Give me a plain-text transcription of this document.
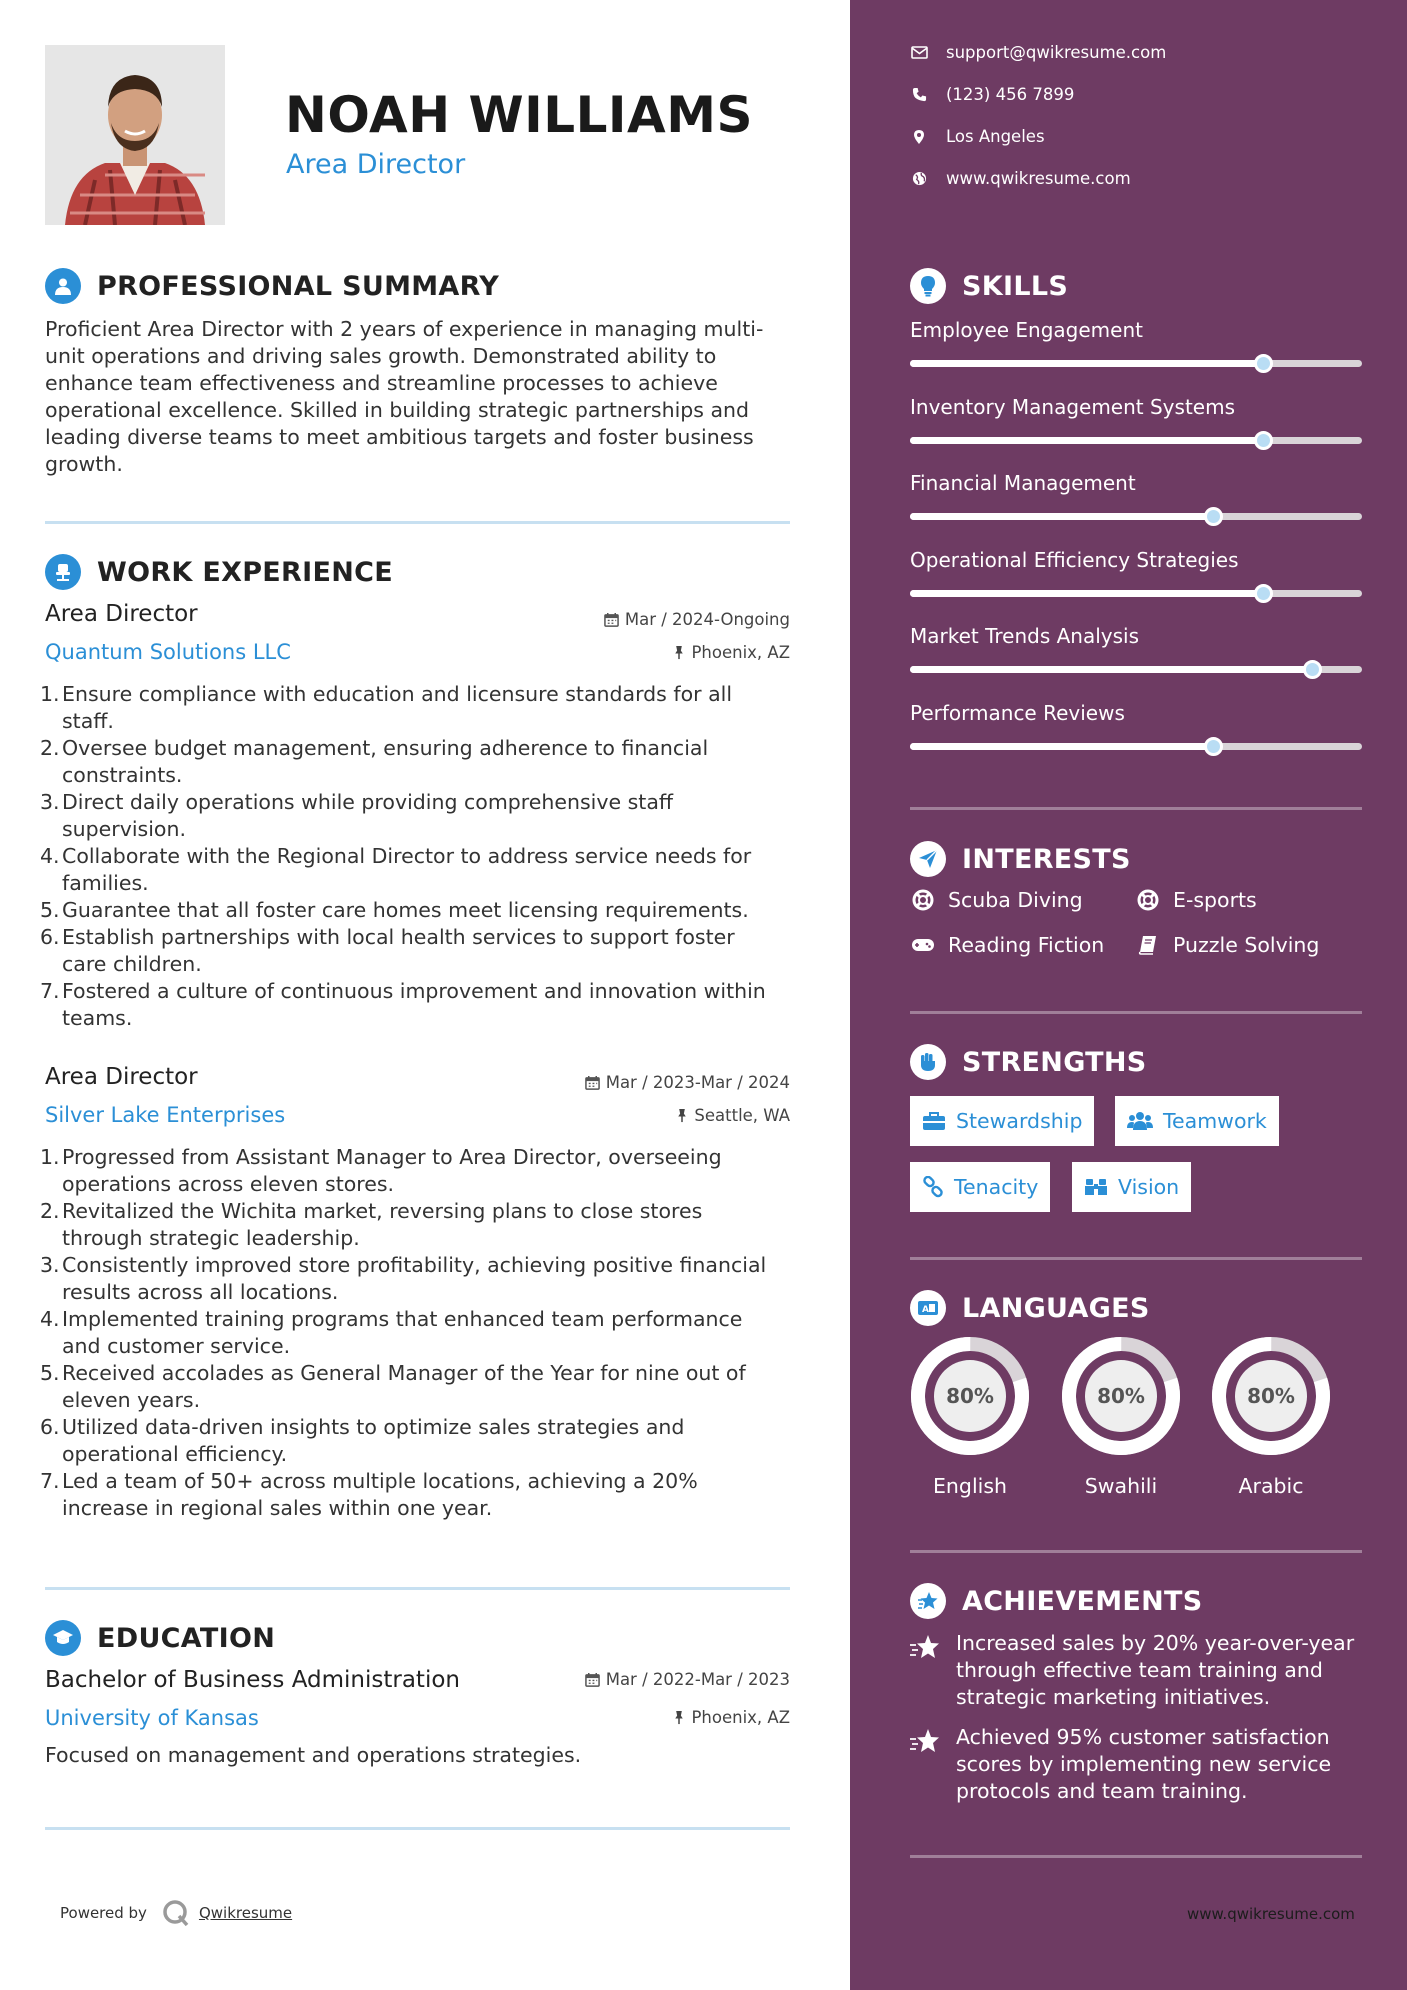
NOAH WILLIAMS
Area Director
PROFESSIONAL SUMMARY
Proficient Area Director with 2 years of experience in managing multi-unit operations and driving sales growth. Demonstrated ability to enhance team effectiveness and streamline processes to achieve operational excellence. Skilled in building strategic partnerships and leading diverse teams to meet ambitious targets and foster business growth.
WORK EXPERIENCE
Area Director	Mar / 2024-Ongoing
Quantum Solutions LLC	Phoenix, AZ
1. Ensure compliance with education and licensure standards for all staff.
2. Oversee budget management, ensuring adherence to financial constraints.
3. Direct daily operations while providing comprehensive staff supervision.
4. Collaborate with the Regional Director to address service needs for families.
5. Guarantee that all foster care homes meet licensing requirements.
6. Establish partnerships with local health services to support foster care children.
7. Fostered a culture of continuous improvement and innovation within teams.
Area Director	Mar / 2023-Mar / 2024
Silver Lake Enterprises	Seattle, WA
1. Progressed from Assistant Manager to Area Director, overseeing operations across eleven stores.
2. Revitalized the Wichita market, reversing plans to close stores through strategic leadership.
3. Consistently improved store profitability, achieving positive financial results across all locations.
4. Implemented training programs that enhanced team performance and customer service.
5. Received accolades as General Manager of the Year for nine out of eleven years.
6. Utilized data-driven insights to optimize sales strategies and operational efficiency.
7. Led a team of 50+ across multiple locations, achieving a 20% increase in regional sales within one year.
EDUCATION
Bachelor of Business Administration	Mar / 2022-Mar / 2023
University of Kansas	Phoenix, AZ
Focused on management and operations strategies.
Powered by	Qwikresume
support@qwikresume.com
(123) 456 7899
Los Angeles
www.qwikresume.com
SKILLS
Employee Engagement
Inventory Management Systems
Financial Management
Operational Efficiency Strategies
Market Trends Analysis
Performance Reviews
INTERESTS
Scuba Diving	E-sports
Reading Fiction	Puzzle Solving
STRENGTHS
Stewardship	Teamwork
Tenacity	Vision
A LANGUAGES
80%
English
80%
Swahili
80%
Arabic
ACHIEVEMENTS
Increased sales by 20% year-over-year through effective team training and strategic marketing initiatives.
Achieved 95% customer satisfaction scores by implementing new service protocols and team training.
www.qwikresume.com
